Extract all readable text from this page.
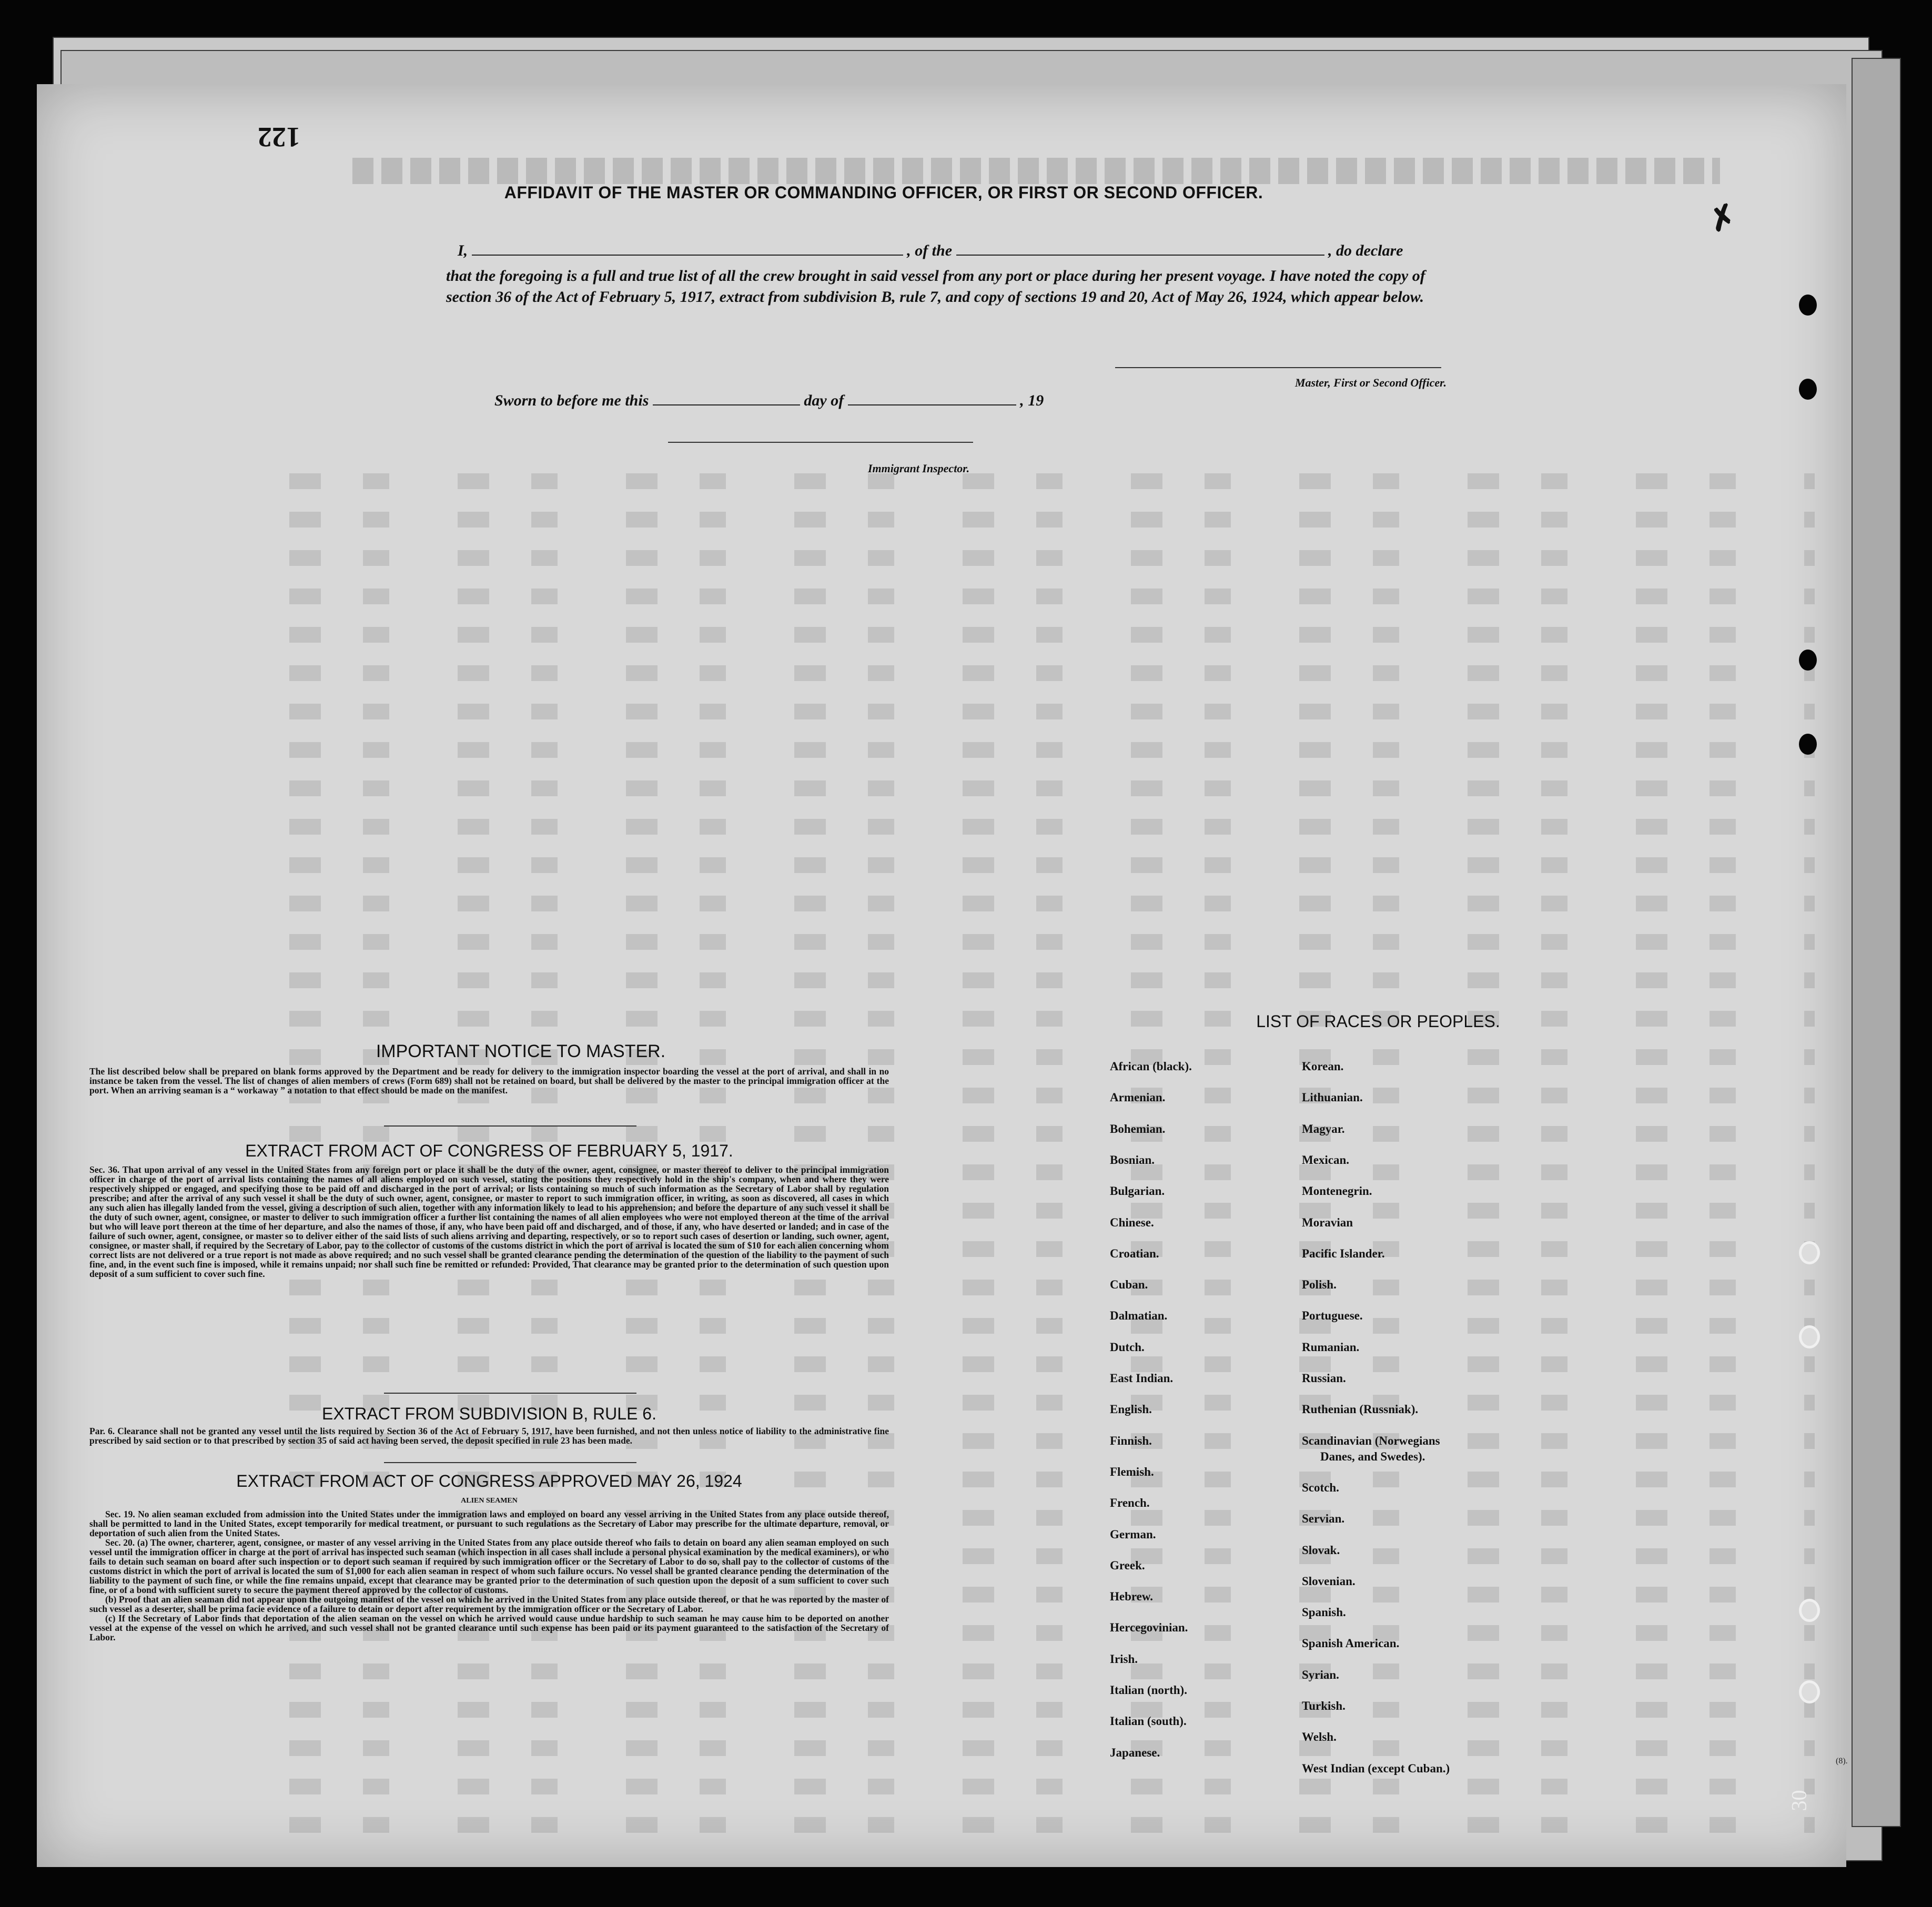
122
✗
AFFIDAVIT OF THE MASTER OR COMMANDING OFFICER, OR FIRST OR SECOND OFFICER.
I,	, of the	, do declare
that the foregoing is a full and true list of all the crew brought in said vessel from any port or place during her present voyage. I have noted the copy of section 36 of the Act of February 5, 1917, extract from subdivision B, rule 7, and copy of sections 19 and 20, Act of May 26, 1924, which appear below.
Master, First or Second Officer.
Sworn to before me this	day of	, 19
Immigrant Inspector.
IMPORTANT NOTICE TO MASTER.
The list described below shall be prepared on blank forms approved by the Department and be ready for delivery to the immigration inspector boarding the vessel at the port of arrival, and shall in no instance be taken from the vessel. The list of changes of alien members of crews (Form 689) shall not be retained on board, but shall be delivered by the master to the principal immigration officer at the port. When an arriving seaman is a “ workaway ” a notation to that effect should be made on the manifest.
EXTRACT FROM ACT OF CONGRESS OF FEBRUARY 5, 1917.
Sec. 36. That upon arrival of any vessel in the United States from any foreign port or place it shall be the duty of the owner, agent, consignee, or master thereof to deliver to the principal immigration officer in charge of the port of arrival lists containing the names of all aliens employed on such vessel, stating the positions they respectively hold in the ship's company, when and where they were respectively shipped or engaged, and specifying those to be paid off and discharged in the port of arrival; or lists containing so much of such information as the Secretary of Labor shall by regulation prescribe; and after the arrival of any such vessel it shall be the duty of such owner, agent, consignee, or master to report to such immigration officer, in writing, as soon as discovered, all cases in which any such alien has illegally landed from the vessel, giving a description of such alien, together with any information likely to lead to his apprehension; and before the departure of any such vessel it shall be the duty of such owner, agent, consignee, or master to deliver to such immigration officer a further list containing the names of all alien employees who were not employed thereon at the time of the arrival but who will leave port thereon at the time of her departure, and also the names of those, if any, who have been paid off and discharged, and of those, if any, who have deserted or landed; and in case of the failure of such owner, agent, consignee, or master so to deliver either of the said lists of such aliens arriving and departing, respectively, or so to report such cases of desertion or landing, such owner, agent, consignee, or master shall, if required by the Secretary of Labor, pay to the collector of customs of the customs district in which the port of arrival is located the sum of $10 for each alien concerning whom correct lists are not delivered or a true report is not made as above required; and no such vessel shall be granted clearance pending the determination of the question of the liability to the payment of such fine, and, in the event such fine is imposed, while it remains unpaid; nor shall such fine be remitted or refunded: Provided, That clearance may be granted prior to the determination of such question upon deposit of a sum sufficient to cover such fine.
EXTRACT FROM SUBDIVISION B, RULE 6.
Par. 6. Clearance shall not be granted any vessel until the lists required by Section 36 of the Act of February 5, 1917, have been furnished, and not then unless notice of liability to the administrative fine prescribed by said section or to that prescribed by section 35 of said act having been served, the deposit specified in rule 23 has been made.
EXTRACT FROM ACT OF CONGRESS APPROVED MAY 26, 1924
ALIEN SEAMEN

Sec. 19. No alien seaman excluded from admission into the United States under the immigration laws and employed on board any vessel arriving in the United States from any place outside thereof, shall be permitted to land in the United States, except temporarily for medical treatment, or pursuant to such regulations as the Secretary of Labor may prescribe for the ultimate departure, removal, or deportation of such alien from the United States.

Sec. 20. (a) The owner, charterer, agent, consignee, or master of any vessel arriving in the United States from any place outside thereof who fails to detain on board any alien seaman employed on such vessel until the immigration officer in charge at the port of arrival has inspected such seaman (which inspection in all cases shall include a personal physical examination by the medical examiners), or who fails to detain such seaman on board after such inspection or to deport such seaman if required by such immigration officer or the Secretary of Labor to do so, shall pay to the collector of customs of the customs district in which the port of arrival is located the sum of $1,000 for each alien seaman in respect of whom such failure occurs. No vessel shall be granted clearance pending the determination of the liability to the payment of such fine, or while the fine remains unpaid, except that clearance may be granted prior to the determination of such question upon the deposit of a sum sufficient to cover such fine, or of a bond with sufficient surety to secure the payment thereof approved by the collector of customs.

(b) Proof that an alien seaman did not appear upon the outgoing manifest of the vessel on which he arrived in the United States from any place outside thereof, or that he was reported by the master of such vessel as a deserter, shall be prima facie evidence of a failure to detain or deport after requirement by the immigration officer or the Secretary of Labor.

(c) If the Secretary of Labor finds that deportation of the alien seaman on the vessel on which he arrived would cause undue hardship to such seaman he may cause him to be deported on another vessel at the expense of the vessel on which he arrived, and such vessel shall not be granted clearance until such expense has been paid or its payment guaranteed to the satisfaction of the Secretary of Labor.

LIST OF RACES OR PEOPLES.
African (black).
Armenian.
Bohemian.
Bosnian.
Bulgarian.
Chinese.
Croatian.
Cuban.
Dalmatian.
Dutch.
East Indian.
English.
Finnish.
Flemish.
French.
German.
Greek.
Hebrew.
Hercegovinian.
Irish.
Italian (north).
Italian (south).
Japanese.
Korean.
Lithuanian.
Magyar.
Mexican.
Montenegrin.
Moravian
Pacific Islander.
Polish.
Portuguese.
Rumanian.
Russian.
Ruthenian (Russniak).
Scandinavian (Norwegians
Danes, and Swedes).
Scotch.
Servian.
Slovak.
Slovenian.
Spanish.
Spanish American.
Syrian.
Turkish.
Welsh.
West Indian (except Cuban.)
(8).
30
